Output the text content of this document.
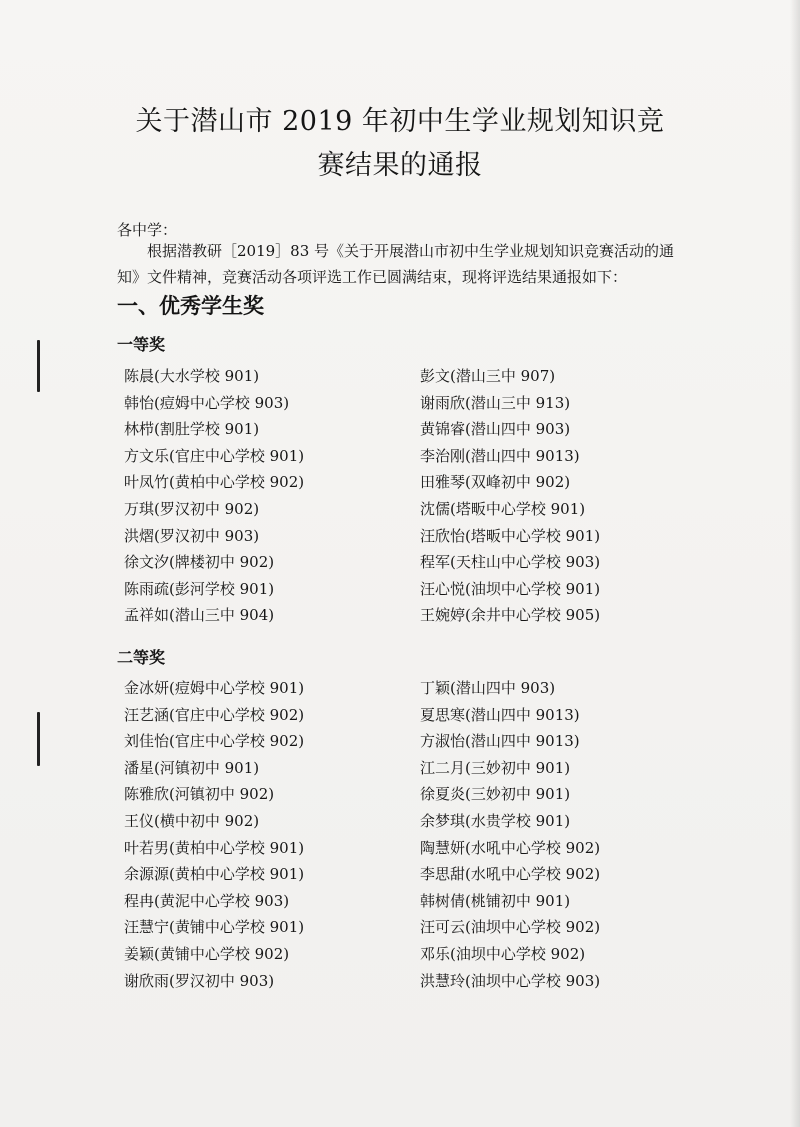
关于潜山市 2019 年初中生学业规划知识竞
赛结果的通报

各中学：

根据潜教研［2019］83 号《关于开展潜山市初中生学业规划知识竞赛活动的通知》文件精神，竞赛活动各项评选工作已圆满结束，现将评选结果通报如下：

一、优秀学生奖
一等奖
陈晨(大水学校 901)
韩怡(痘姆中心学校 903)
林栉(割肚学校 901)
方文乐(官庄中心学校 901)
叶凤竹(黄柏中心学校 902)
万琪(罗汉初中 902)
洪熠(罗汉初中 903)
徐文汐(牌楼初中 902)
陈雨疏(彭河学校 901)
孟祥如(潜山三中 904)
彭文(潜山三中 907)
谢雨欣(潜山三中 913)
黄锦睿(潜山四中 903)
李治刚(潜山四中 9013)
田雅琴(双峰初中 902)
沈儒(塔畈中心学校 901)
汪欣怡(塔畈中心学校 901)
程军(天柱山中心学校 903)
汪心悦(油坝中心学校 901)
王婉婷(余井中心学校 905)
二等奖
金冰妍(痘姆中心学校 901)
汪艺涵(官庄中心学校 902)
刘佳怡(官庄中心学校 902)
潘星(河镇初中 901)
陈雅欣(河镇初中 902)
王仪(横中初中 902)
叶若男(黄柏中心学校 901)
余源源(黄柏中心学校 901)
程冉(黄泥中心学校 903)
汪慧宁(黄铺中心学校 901)
姜颖(黄铺中心学校 902)
谢欣雨(罗汉初中 903)
丁颖(潜山四中 903)
夏思寒(潜山四中 9013)
方淑怡(潜山四中 9013)
江二月(三妙初中 901)
徐夏炎(三妙初中 901)
余梦琪(水贵学校 901)
陶慧妍(水吼中心学校 902)
李思甜(水吼中心学校 902)
韩树倩(桃铺初中 901)
汪可云(油坝中心学校 902)
邓乐(油坝中心学校 902)
洪慧玲(油坝中心学校 903)
